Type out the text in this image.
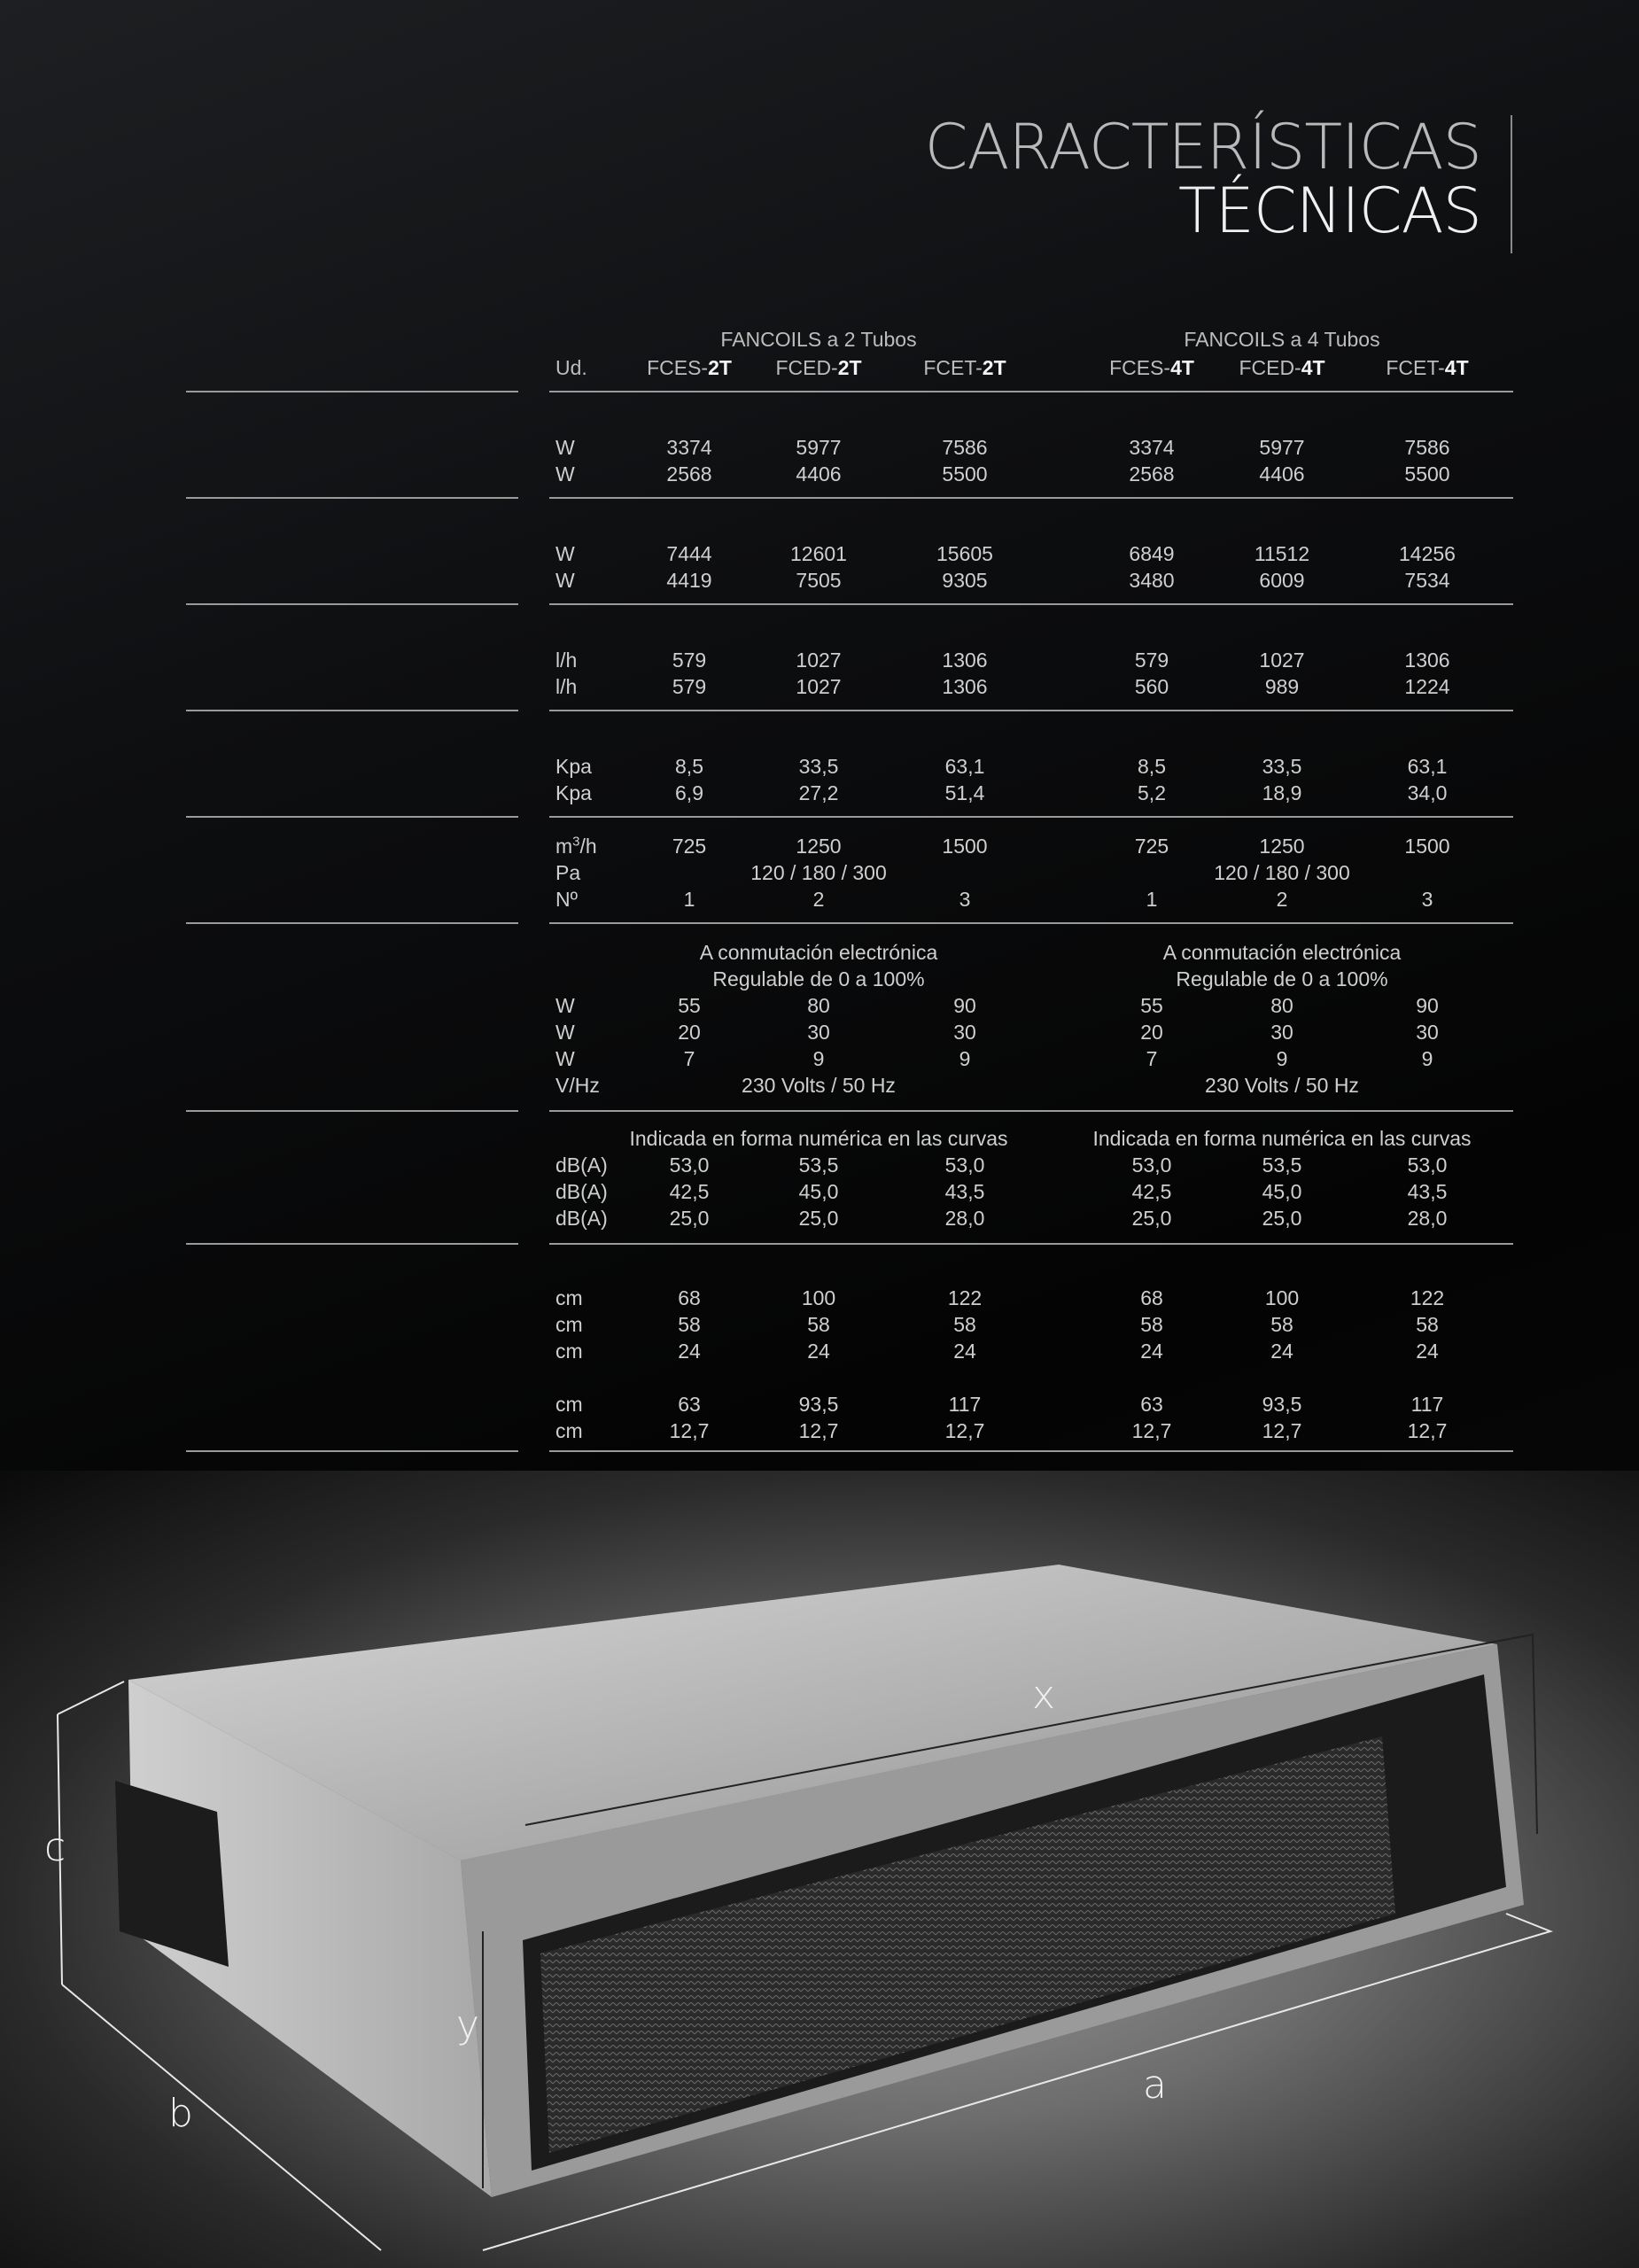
CARACTERÍSTICAS
TÉCNICAS
FANCOILS a 2 Tubos	FANCOILS a 4 Tubos
Ud.	FCES-2T FCED-2T	FCET-2T	FCES-4T FCED-4T	FCET-4T
W	3374	5977	7586	3374	5977	7586
W	2568	4406	5500	2568	4406	5500
W	7444	12601	15605	6849	11512	14256
W	4419	7505	9305	3480	6009	7534
l/h	579	1027	1306	579	1027	1306
l/h	579	1027	1306	560	989	1224
Kpa	8,5	33,5	63,1	8,5	33,5	63,1
Kpa	6,9	27,2	51,4	5,2	18,9	34,0
$m^3/h$	725	1250	1500	725	1250	1500
Pa	120 / 180 / 300	120 / 180 / 300
Nº	1	2	3	1	2	3
A conmutación electrónica	A conmutación electrónica
Regulable de 0 a 100%	Regulable de 0 a 100%
W	55	80	90	55	80	90
W	20	30	30	20	30	30
W	7	9	9	7	9	9
V/Hz	230 Volts / 50 Hz	230 Volts / 50 Hz
Indicada en forma numérica en las curvas	Indicada en forma numérica en las curvas
dB(A)	53,0	53,5	53,0	53,0	53,5	53,0
dB(A)	42,5	45,0	43,5	42,5	45,0	43,5
dB(A)	25,0	25,0	28,0	25,0	25,0	28,0
cm	68	100	122	68	100	122
cm	58	58	58	58	58	58
cm	24	24	24	24	24	24
cm	63	93,5	117	63	93,5	117
cm	12,7	12,7	12,7	12,7	12,7	12,7
x
y
a
b
c
